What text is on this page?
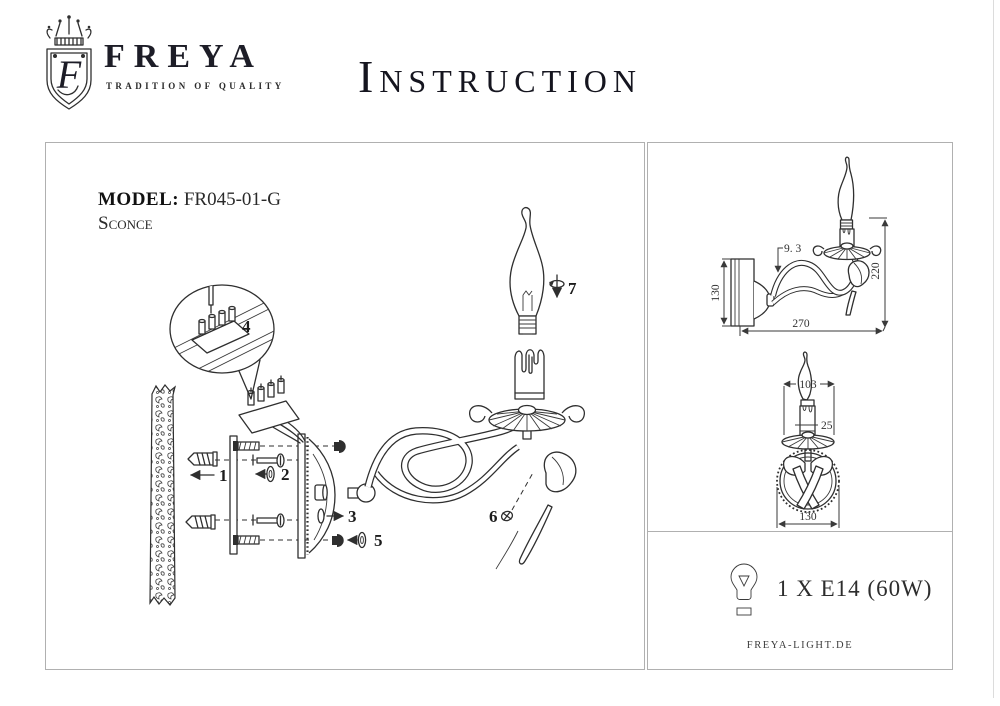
F FREYA
TRADITION OF QUALITY	Instruction
1	2
5
3
7
6
4
MODEL: FR045-01-G
Sconce
130
9. 3
220
270
103
25
130
1 X E14 (60W)
FREYA-LIGHT.DE
